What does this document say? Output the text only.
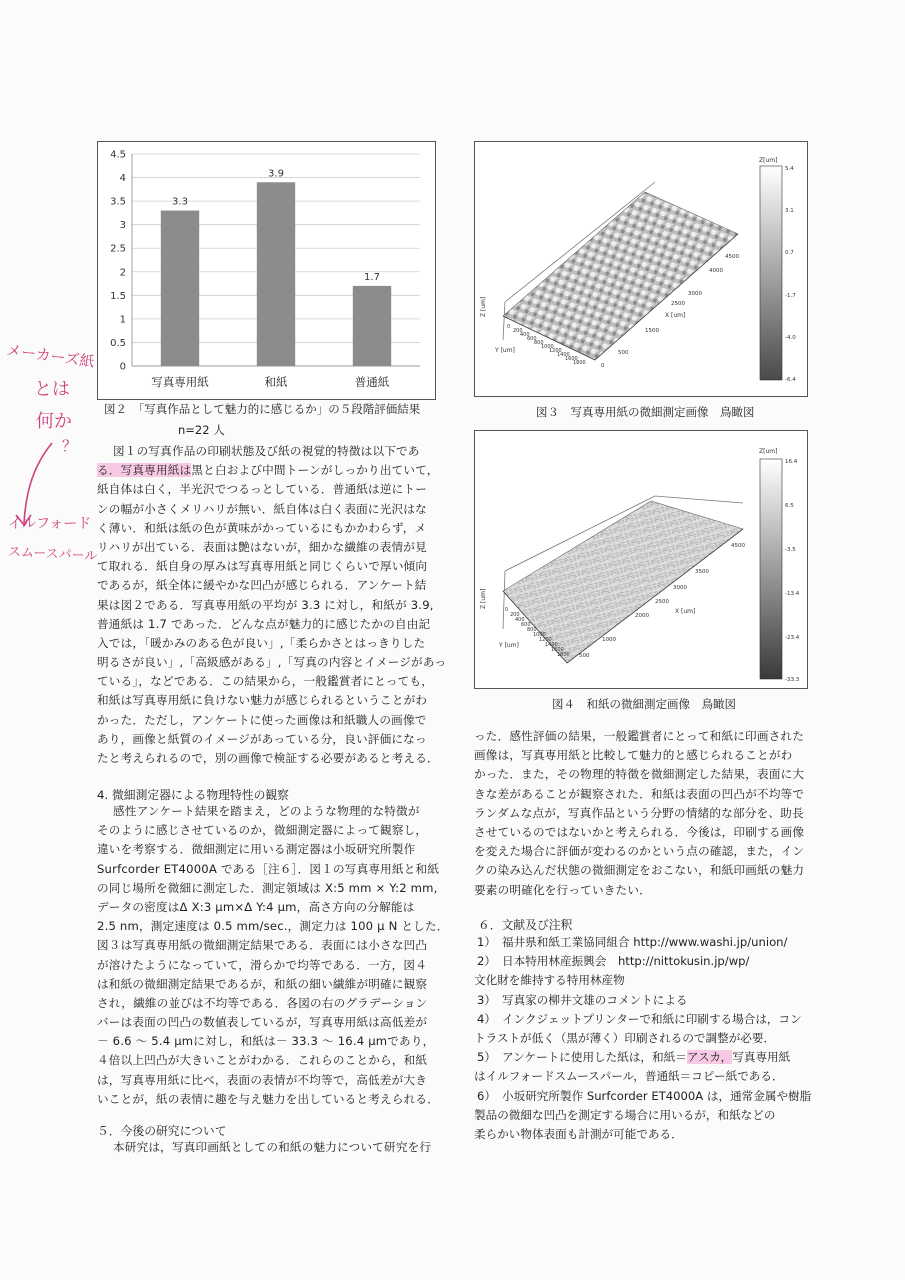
メーカーズ紙
とは
何か
？
イルフォード
スムースパール
0
0.5
1
1.5
2
2.5
3
3.5
4
4.5
3.3
写真専用紙
3.9
和紙
1.7
普通紙
図２　「写真作品として魅力的に感じるか」の５段階評価結果
n=22 人
図１の写真作品の印刷状態及び紙の視覚的特徴は以下であ
る．写真専用紙は黒と白および中間トーンがしっかり出ていて，
紙自体は白く，半光沢でつるっとしている．普通紙は逆にトー
ンの幅が小さくメリハリが無い．紙自体は白く表面に光沢はな
く薄い．和紙は紙の色が黄味がかっているにもかかわらず，メ
リハリが出ている．表面は艶はないが，細かな繊維の表情が見
て取れる．紙自身の厚みは写真専用紙と同じくらいで厚い傾向
であるが，紙全体に緩やかな凹凸が感じられる．アンケート結
果は図２である．写真専用紙の平均が 3.3 に対し，和紙が 3.9,
普通紙は 1.7 であった．どんな点が魅力的に感じたかの自由記
入では，「暖かみのある色が良い」,「柔らかさとはっきりした
明るさが良い」,「高級感がある」,「写真の内容とイメージがあっ
ている」，などである．この結果から，一般鑑賞者にとっても，
和紙は写真専用紙に負けない魅力が感じられるということがわ
かった．ただし，アンケートに使った画像は和紙職人の画像で
あり，画像と紙質のイメージがあっている分，良い評価になっ
たと考えられるので，別の画像で検証する必要があると考える．
4. 微細測定器による物理特性の観察
感性アンケート結果を踏まえ，どのような物理的な特徴が
そのように感じさせているのか，微細測定器によって観察し，
違いを考察する．微細測定に用いる測定器は小坂研究所製作
Surfcorder ET4000A である［注６］．図１の写真専用紙と和紙
の同じ場所を微細に測定した．測定領域は X:5 mm × Y:2 mm,
データの密度はΔ X:3 μm×Δ Y:4 μm，高さ方向の分解能は
2.5 nm，測定速度は 0.5 mm/sec.，測定力は 100 μ N とした．
図３は写真専用紙の微細測定結果である．表面には小さな凹凸
が溶けたようになっていて，滑らかで均等である．一方，図４
は和紙の微細測定結果であるが，和紙の細い繊維が明確に観察
され，繊維の並びは不均等である．各図の右のグラデーション
バーは表面の凹凸の数値表しているが，写真専用紙は高低差が
－ 6.6 ～ 5.4 μmに対し，和紙は－ 33.3 ～ 16.4 μmであり，
４倍以上凹凸が大きいことがわかる．これらのことから，和紙
は，写真専用紙に比べ，表面の表情が不均等で，高低差が大き
いことが，紙の表情に趣を与え魅力を出していると考えられる．
５．今後の研究について
本研究は，写真印画紙としての和紙の魅力について研究を行
X [um]
Y [um]
Z [um]
0
500
1500
2500
3000
4000
4500
0
200
400
600
800
1000
1200
1400
1600
1800
Z[um]
5.4
3.1
0.7
-1.7
-4.0
-6.4
図３　写真専用紙の微細測定画像　鳥瞰図
X [um]
Y [um]
Z [um]
500
1000
2000
2500
3000
3500
4500
0
200
400
600
800
1000
1200
1400
1600
1800
Z[um]
16.4
6.5
-3.5
-13.4
-23.4
-33.3
図４　和紙の微細測定画像　鳥瞰図
った．感性評価の結果，一般鑑賞者にとって和紙に印画された
画像は，写真専用紙と比較して魅力的と感じられることがわ
かった．また，その物理的特徴を微細測定した結果，表面に大
きな差があることが観察された．和紙は表面の凹凸が不均等で
ランダムな点が，写真作品という分野の情緒的な部分を、助長
させているのではないかと考えられる．今後は，印刷する画像
を変えた場合に評価が変わるのかという点の確認，また，イン
クの染み込んだ状態の微細測定をおこない，和紙印画紙の魅力
要素の明確化を行っていきたい．
６．文献及び注釈
1） 福井県和紙工業協同組合 http://www.washi.jp/union/
2） 日本特用林産振興会　http://nittokusin.jp/wp/
文化財を維持する特用林産物
3） 写真家の柳井文雄のコメントによる
4） インクジェットプリンターで和紙に印刷する場合は，コン
トラストが低く（黒が薄く）印刷されるので調整が必要．
5） アンケートに使用した紙は，和紙＝アスカ，写真専用紙
はイルフォードスムースパール，普通紙＝コピー紙である．
6） 小坂研究所製作 Surfcorder ET4000A は，通常金属や樹脂
製品の微細な凹凸を測定する場合に用いるが，和紙などの
柔らかい物体表面も計測が可能である．
